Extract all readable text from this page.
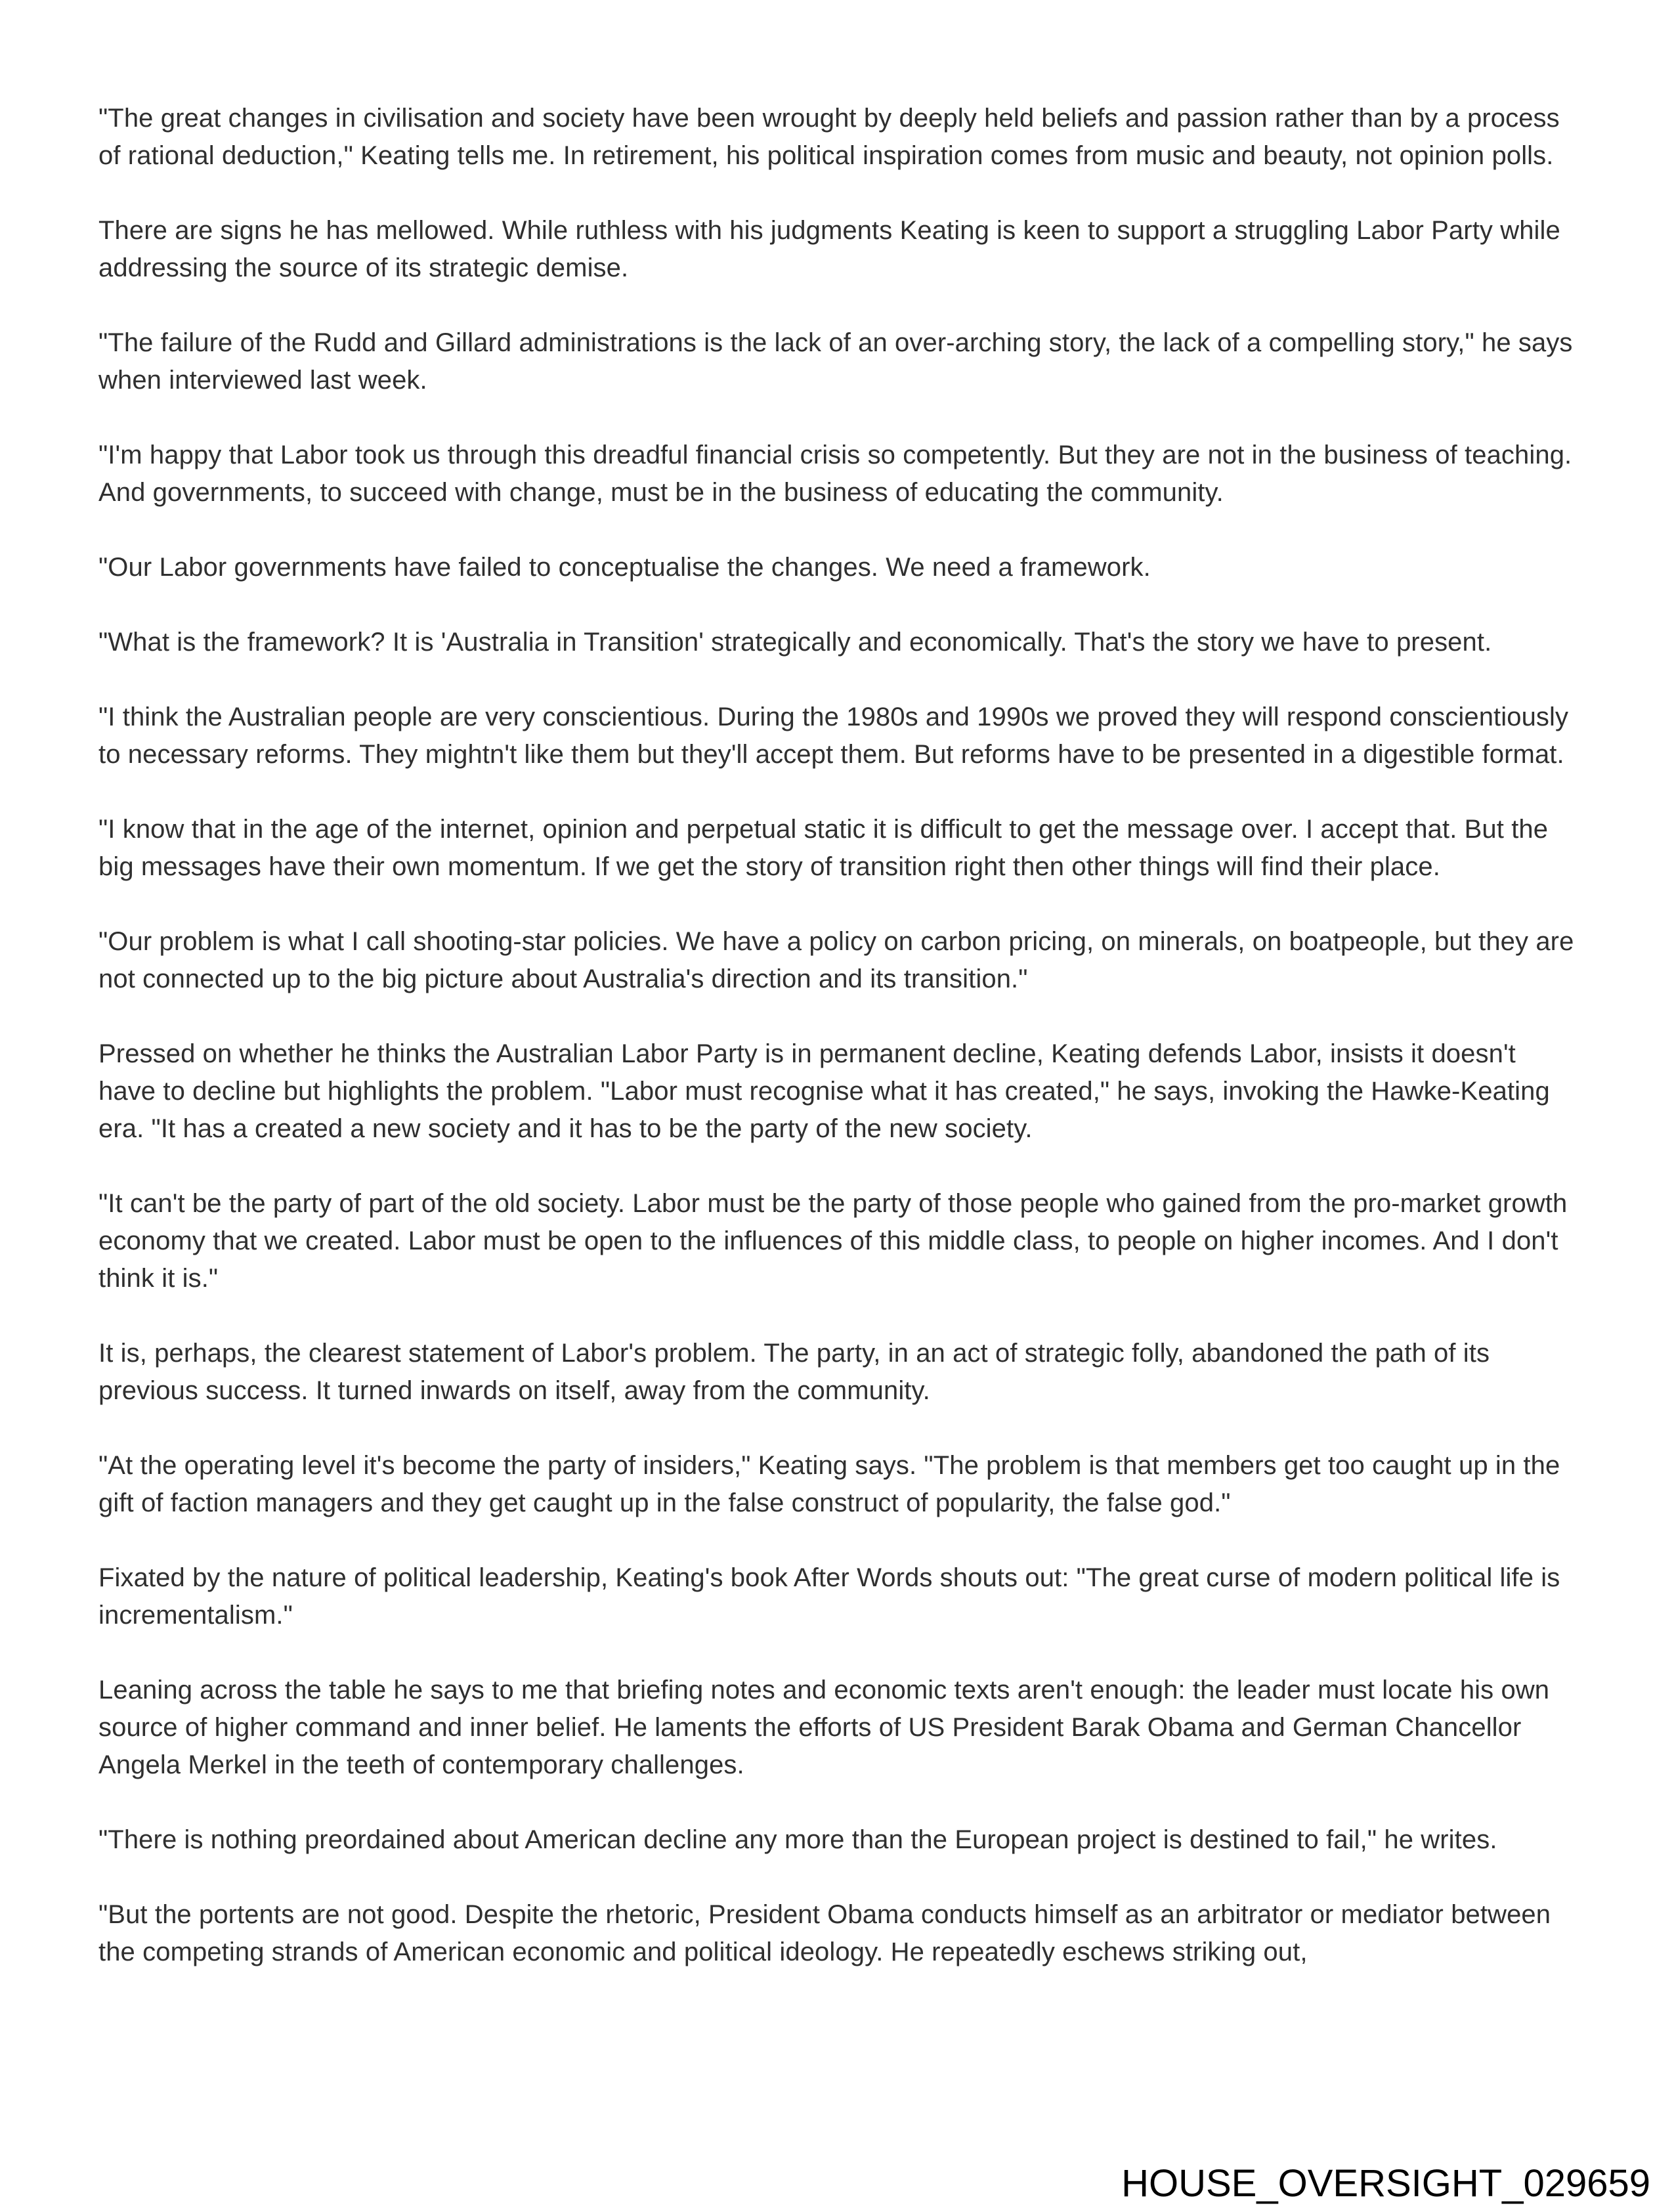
"The great changes in civilisation and society have been wrought by deeply held beliefs and passion rather than by a process of rational deduction," Keating tells me. In retirement, his political inspiration comes from music and beauty, not opinion polls.

There are signs he has mellowed. While ruthless with his judgments Keating is keen to support a struggling Labor Party while addressing the source of its strategic demise.

"The failure of the Rudd and Gillard administrations is the lack of an over-arching story, the lack of a compelling story," he says when interviewed last week.

"I'm happy that Labor took us through this dreadful financial crisis so competently. But they are not in the business of teaching. And governments, to succeed with change, must be in the business of educating the community.

"Our Labor governments have failed to conceptualise the changes. We need a framework.

"What is the framework? It is 'Australia in Transition' strategically and economically. That's the story we have to present.

"I think the Australian people are very conscientious. During the 1980s and 1990s we proved they will respond conscientiously to necessary reforms. They mightn't like them but they'll accept them. But reforms have to be presented in a digestible format.

"I know that in the age of the internet, opinion and perpetual static it is difficult to get the message over. I accept that. But the big messages have their own momentum. If we get the story of transition right then other things will find their place.

"Our problem is what I call shooting-star policies. We have a policy on carbon pricing, on minerals, on boatpeople, but they are not connected up to the big picture about Australia's direction and its transition."

Pressed on whether he thinks the Australian Labor Party is in permanent decline, Keating defends Labor, insists it doesn't have to decline but highlights the problem. "Labor must recognise what it has created," he says, invoking the Hawke-Keating era. "It has a created a new society and it has to be the party of the new society.

"It can't be the party of part of the old society. Labor must be the party of those people who gained from the pro-market growth economy that we created. Labor must be open to the influences of this middle class, to people on higher incomes. And I don't think it is."

It is, perhaps, the clearest statement of Labor's problem. The party, in an act of strategic folly, abandoned the path of its previous success. It turned inwards on itself, away from the community.

"At the operating level it's become the party of insiders," Keating says. "The problem is that members get too caught up in the gift of faction managers and they get caught up in the false construct of popularity, the false god."

Fixated by the nature of political leadership, Keating's book After Words shouts out: "The great curse of modern political life is incrementalism."

Leaning across the table he says to me that briefing notes and economic texts aren't enough: the leader must locate his own source of higher command and inner belief. He laments the efforts of US President Barak Obama and German Chancellor Angela Merkel in the teeth of contemporary challenges.

"There is nothing preordained about American decline any more than the European project is destined to fail," he writes.

"But the portents are not good. Despite the rhetoric, President Obama conducts himself as an arbitrator or mediator between the competing strands of American economic and political ideology. He repeatedly eschews striking out,

HOUSE_OVERSIGHT_029659
